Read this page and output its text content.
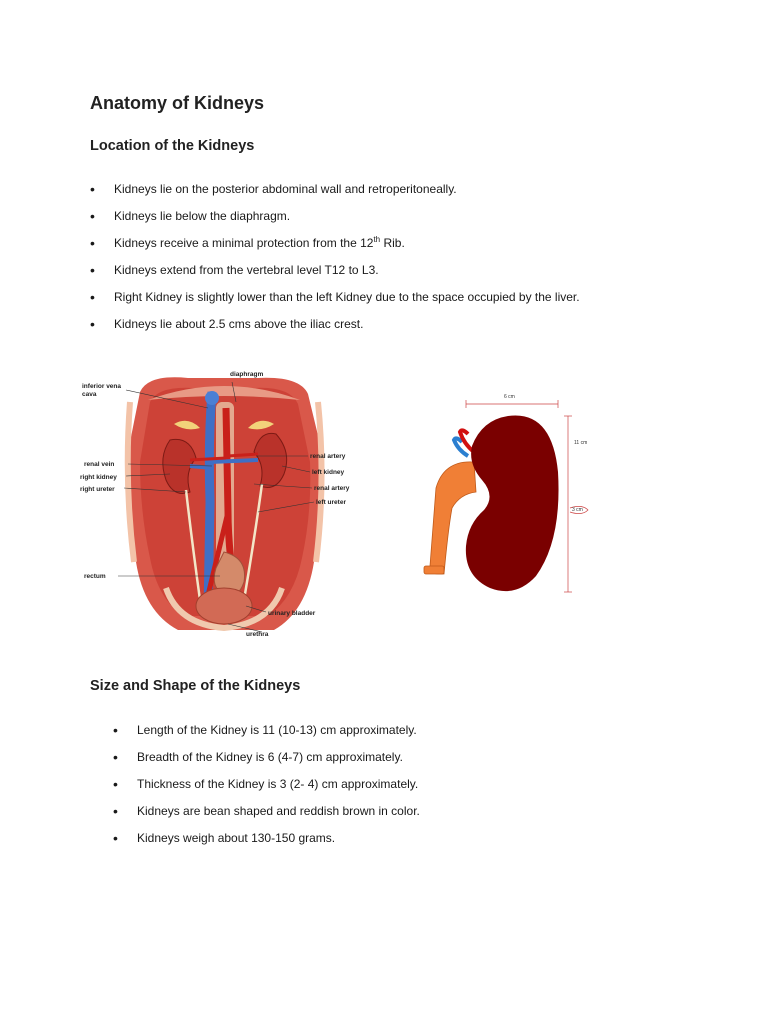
Anatomy of Kidneys
Location of the Kidneys
• Kidneys lie on the posterior abdominal wall and retroperitoneally.
• Kidneys lie below the diaphragm.
• Kidneys receive a minimal protection from the 12th Rib.
• Kidneys extend from the vertebral level T12 to L3.
• Right Kidney is slightly lower than the left Kidney due to the space occupied by the liver.
• Kidneys lie about 2.5 cms above the iliac crest.
diaphragm
inferior vena
cava
renal vein
right kidney
right ureter
rectum
renal artery
left kidney
renal artery
left ureter
urinary bladder
urethra
6 cm
11 cm
3 cm
Size and Shape of the Kidneys
• Length of the Kidney is 11 (10-13) cm approximately.
• Breadth of the Kidney is 6 (4-7) cm approximately.
• Thickness of the Kidney is 3 (2- 4) cm approximately.
• Kidneys are bean shaped and reddish brown in color.
• Kidneys weigh about 130-150 grams.
